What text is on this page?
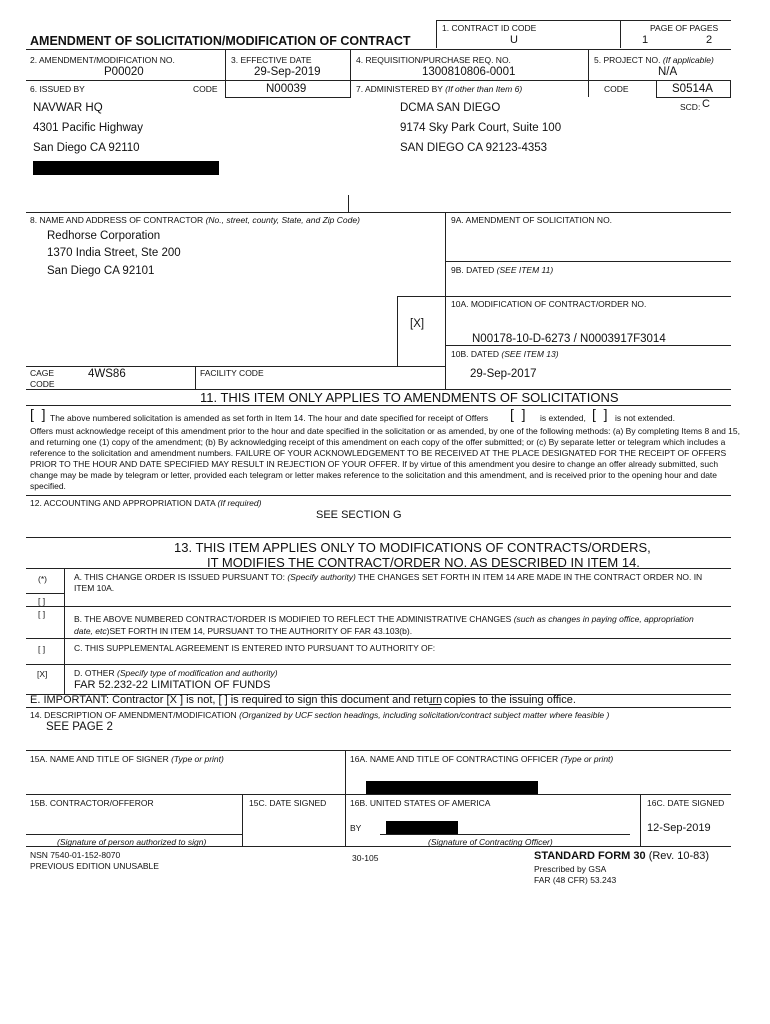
1. CONTRACT ID CODE
U
PAGE OF PAGES
1	2
AMENDMENT OF SOLICITATION/MODIFICATION OF CONTRACT
2. AMENDMENT/MODIFICATION NO.
P00020
3. EFFECTIVE DATE
29-Sep-2019
4. REQUISITION/PURCHASE REQ. NO.
1300810806-0001
5. PROJECT NO. (If applicable)
N/A
6. ISSUED BY	CODE	N00039	7. ADMINISTERED BY (If other than Item 6)	CODE	S0514A
SCD: C
NAVWAR HQ
4301 Pacific Highway
San Diego CA 92110
DCMA SAN DIEGO
9174 Sky Park Court, Suite 100
SAN DIEGO CA 92123-4353
8. NAME AND ADDRESS OF CONTRACTOR (No., street, county, State, and Zip Code)
Redhorse Corporation
1370 India Street, Ste 200
San Diego CA 92101
9A. AMENDMENT OF SOLICITATION NO.
9B. DATED (SEE ITEM 11)
10A. MODIFICATION OF CONTRACT/ORDER NO.
[X]
N00178-10-D-6273 / N0003917F3014
10B. DATED (SEE ITEM 13)
29-Sep-2017
CAGE
CODE
4WS86	FACILITY CODE
11. THIS ITEM ONLY APPLIES TO AMENDMENTS OF SOLICITATIONS
[  ] The above numbered solicitation is amended as set forth in Item 14. The hour and date specified for receipt of Offers [  ] is extended, [  ] is not extended.
Offers must acknowledge receipt of this amendment prior to the hour and date specified in the solicitation or as amended, by one of the following methods: (a) By completing Items 8 and 15, and returning one (1) copy of the amendment; (b) By acknowledging receipt of this amendment on each copy of the offer submitted; or (c) By separate letter or telegram which includes a reference to the solicitation and amendment numbers. FAILURE OF YOUR ACKNOWLEDGEMENT TO BE RECEIVED AT THE PLACE DESIGNATED FOR THE RECEIPT OF OFFERS PRIOR TO THE HOUR AND DATE SPECIFIED MAY RESULT IN REJECTION OF YOUR OFFER. If by virtue of this amendment you desire to change an offer already submitted, such change may be made by telegram or letter, provided each telegram or letter makes reference to the solicitation and this amendment, and is received prior to the opening hour and date specified.
12. ACCOUNTING AND APPROPRIATION DATA (If required)
SEE SECTION G
13. THIS ITEM APPLIES ONLY TO MODIFICATIONS OF CONTRACTS/ORDERS,
IT MODIFIES THE CONTRACT/ORDER NO. AS DESCRIBED IN ITEM 14.
(*)	A. THIS CHANGE ORDER IS ISSUED PURSUANT TO: (Specify authority) THE CHANGES SET FORTH IN ITEM 14 ARE MADE IN THE CONTRACT ORDER NO. IN
ITEM 10A.
[ ]
[ ]	B. THE ABOVE NUMBERED CONTRACT/ORDER IS MODIFIED TO REFLECT THE ADMINISTRATIVE CHANGES (such as changes in paying office, appropriation
date, etc)SET FORTH IN ITEM 14, PURSUANT TO THE AUTHORITY OF FAR 43.103(b).
[ ]	C. THIS SUPPLEMENTAL AGREEMENT IS ENTERED INTO PURSUANT TO AUTHORITY OF:
[X]	D. OTHER (Specify type of modification and authority)
FAR 52.232-22 LIMITATION OF FUNDS
E. IMPORTANT: Contractor [X ] is not, [ ] is required to sign this document and return copies to the issuing office.
14. DESCRIPTION OF AMENDMENT/MODIFICATION (Organized by UCF section headings, including solicitation/contract subject matter where feasible )
SEE PAGE 2
15A. NAME AND TITLE OF SIGNER (Type or print)	16A. NAME AND TITLE OF CONTRACTING OFFICER (Type or print)
15B. CONTRACTOR/OFFEROR	15C. DATE SIGNED	16B. UNITED STATES OF AMERICA	16C. DATE SIGNED
BY	12-Sep-2019
(Signature of person authorized to sign)	(Signature of Contracting Officer)
NSN 7540-01-152-8070
PREVIOUS EDITION UNUSABLE
30-105	STANDARD FORM 30 (Rev. 10-83)
Prescribed by GSA
FAR (48 CFR) 53.243
